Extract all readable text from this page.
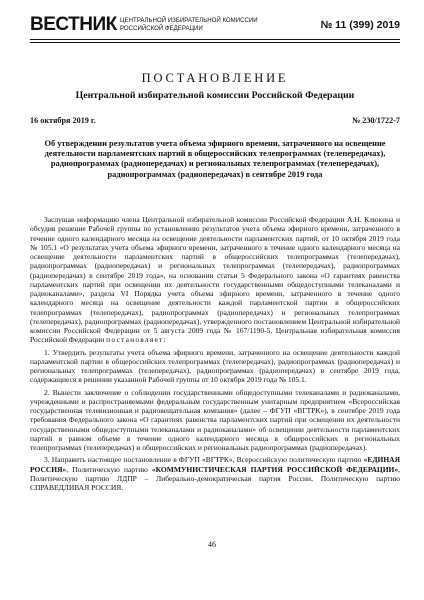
ВЕСТНИК ЦЕНТРАЛЬНОЙ ИЗБИРАТЕЛЬНОЙ КОМИССИИ
РОССИЙСКОЙ ФЕДЕРАЦИИ	№ 11 (399) 2019
ПОСТАНОВЛЕНИЕ
Центральной избирательной комиссии Российской Федерации
16 октября 2019 г.	№ 230/1722-7
Об утверждении результатов учета объема эфирного времени, затраченного на освещение деятельности парламентских партий в общероссийских телепрограммах (телепередачах), радиопрограммах (радиопередачах) и региональных телепрограммах (телепередачах), радиопрограммах (радиопередачах) в сентябре 2019 года

Заслушав информацию члена Центральной избирательной комиссии Российской Федерации А.Н. Клюкина и обсудив решение Рабочей группы по установлению результатов учета объема эфирного времени, затраченного в течение одного календарного месяца на освещение деятельности парламентских партий, от 10 октября 2019 года № 105.1 «О результатах учета объема эфирного времени, затраченного в течение одного календарного месяца на освещение деятельности парламентских партий в общероссийских телепрограммах (телепередачах), радиопрограммах (радиопередачах) и региональных телепрограммах (телепередачах), радиопрограммах (радиопередачах) в сентябре 2019 года», на основании статьи 5 Федерального закона «О гарантиях равенства парламентских партий при освещении их деятельности государственными общедоступными телеканалами и радиоканалами», раздела VI Порядка учета объема эфирного времени, затраченного в течение одного календарного месяца на освещение деятельности каждой парламентской партии в общероссийских телепрограммах (телепередачах), радиопрограммах (радиопередачах) и региональных телепрограммах (телепередачах), радиопрограммах (радиопередачах), утвержденного постановлением Центральной избирательной комиссии Российской Федерации от 5 августа 2009 года № 167/1190-5, Центральная избирательная комиссия Российской Федерации постановляет:

1. Утвердить результаты учета объема эфирного времени, затраченного на освещение деятельности каждой парламентской партии в общероссийских телепрограммах (телепередачах), радиопрограммах (радиопередачах) и региональных телепрограммах (телепередачах), радиопрограммах (радиопередачах) в сентябре 2019 года, содержащиеся в решении указанной Рабочей группы от 10 октября 2019 года № 105.1.

2. Вынести заключение о соблюдении государственными общедоступными телеканалами и радиоканалами, учрежденными и распространяемыми федеральным государственным унитарным предприятием «Всероссийская государственная телевизионная и радиовещательная компания» (далее – ФГУП «ВГТРК»), в сентябре 2019 года требования Федерального закона «О гарантиях равенства парламентских партий при освещении их деятельности государственными общедоступными телеканалами и радиоканалами» об освещении деятельности парламентских партий в равном объеме в течение одного календарного месяца в общероссийских и региональных телепрограммах (телепередачах) и общероссийских и региональных радиопрограммах (радиопередачах).

3. Направить настоящее постановление в ФГУП «ВГТРК», Всероссийскую политическую партию «ЕДИНАЯ РОССИЯ», Политическую партию «КОММУНИСТИЧЕСКАЯ ПАРТИЯ РОССИЙСКОЙ ФЕДЕРАЦИИ», Политическую партию ЛДПР – Либерально-демократическая партия России, Политическую партию СПРАВЕДЛИВАЯ РОССИЯ.

46
